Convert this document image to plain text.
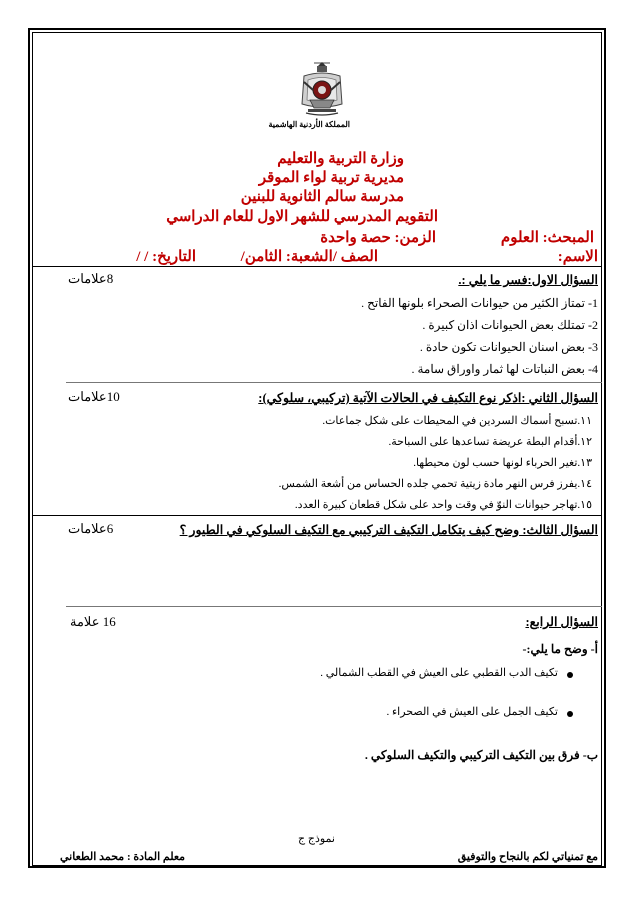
المملكة الأردنية الهاشمية
وزارة التربية والتعليم
مديرية تربية لواء الموقر
مدرسة سالم الثانوية للبنين
التقويم المدرسي للشهر الاول للعام الدراسي
المبحث: العلوم
الزمن: حصة واحدة
الاسم:
الصف /الشعبة: الثامن/
التاريخ: / /
السؤال الاول:فسر ما يلي :.
8علامات
1- تمتاز الكثير من حيوانات الصحراء بلونها الفاتح .
2- تمتلك بعض الحيوانات اذان كبيرة .
3- بعض اسنان الحيوانات تكون حادة .
4- بعض النباتات لها ثمار واوراق سامة .
السؤال الثاني :اذكر نوع التكيف في الحالات الآتية (تركيبي، سلوكي):
10علامات
١١.تسبح أسماك السردين في المحيطات على شكل جماعات.
١٢.أقدام البطة عريضة تساعدها على السباحة.
١٣.تغير الحرباء لونها حسب لون محيطها.
١٤.يفرز فرس النهر مادة زيتية تحمي جلده الحساس من أشعة الشمس.
١٥.تهاجر حيوانات النوّ في وقت واحد على شكل قطعان كبيرة العدد.
السؤال الثالث: وضح كيف يتكامل التكيف التركيبي مع التكيف السلوكي في الطيور ؟
6علامات
السؤال الرابع:
16 علامة
أ- وضح ما يلي:-
تكيف الدب القطبي على العيش في القطب الشمالي .
تكيف الجمل على العيش في الصحراء .
ب- فرق بين التكيف التركيبي والتكيف السلوكي .
نموذج ج
مع تمنياتي لكم بالنجاح والتوفيق
معلم المادة : محمد الطعاني
